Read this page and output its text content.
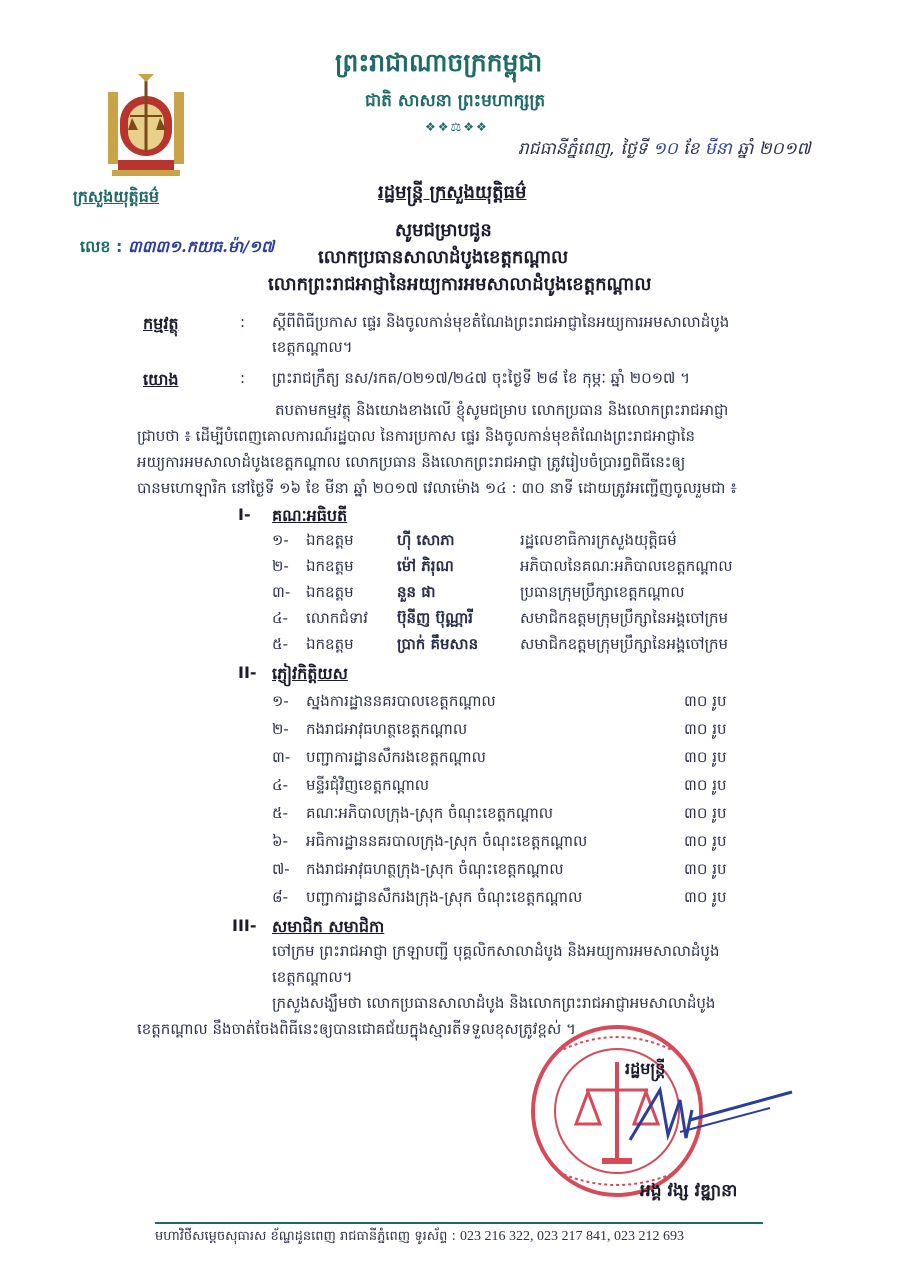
ព្រះរាជាណាចក្រកម្ពុជា
ជាតិ សាសនា ព្រះមហាក្សត្រ
❖❖⚖❖❖
រាជធានីភ្នំពេញ, ថ្ងៃទី ១០ ខែ មីនា ឆ្នាំ ២០១៧
ក្រសួងយុត្តិធម៌	រដ្ឋមន្ត្រី ក្រសួងយុត្តិធម៌
លេខ : ៣៣៣១.កយធ.ម៉ា/១៧
សូមជម្រាបជូន
លោកប្រធានសាលាដំបូងខេត្តកណ្តាល
លោកព្រះរាជអាជ្ញានៃអយ្យការអមសាលាដំបូងខេត្តកណ្តាល
កម្មវត្ថុ	: ស្តីពីពិធីប្រកាស ផ្ទេរ និងចូលកាន់មុខតំណែងព្រះរាជអាជ្ញានៃអយ្យការអមសាលាដំបូង
ខេត្តកណ្តាល។
យោង	: ព្រះរាជក្រឹត្យ នស/រកត/០២១៧/២៤៧ ចុះថ្ងៃទី ២៨ ខែ កុម្ភៈ ឆ្នាំ ២០១៧ ។
តបតាមកម្មវត្ថុ និងយោងខាងលើ ខ្ញុំសូមជម្រាប លោកប្រធាន និងលោកព្រះរាជអាជ្ញា
ជ្រាបថា ៖ ដើម្បីបំពេញគោលការណ៍រដ្ឋបាល នៃការប្រកាស ផ្ទេរ និងចូលកាន់មុខតំណែងព្រះរាជអាជ្ញានៃ
អយ្យការអមសាលាដំបូងខេត្តកណ្តាល លោកប្រធាន និងលោកព្រះរាជអាជ្ញា ត្រូវរៀបចំប្រារព្ធពិធីនេះឲ្យ
បានមហោឡារិក នៅថ្ងៃទី ១៦ ខែ មីនា ឆ្នាំ ២០១៧ វេលាម៉ោង ១៤ : ៣០ នាទី ដោយត្រូវអញ្ជើញចូលរួមជា ៖
I- គណៈអធិបតី
១- ឯកឧត្តម	ហ៊ី សោភា	រដ្ឋលេខាធិការក្រសួងយុត្តិធម៌
២- ឯកឧត្តម	ម៉ៅ ភិរុណ	អភិបាលនៃគណៈអភិបាលខេត្តកណ្តាល
៣- ឯកឧត្តម	នួន ផា	ប្រធានក្រុមប្រឹក្សាខេត្តកណ្តាល
៤- លោកជំទាវ ប៊ុនីញ ប៊ុណ្ណារី	សមាជិកឧត្តមក្រុមប្រឹក្សានៃអង្គចៅក្រម
៥- ឯកឧត្តម	ប្រាក់ គឹមសាន	សមាជិកឧត្តមក្រុមប្រឹក្សានៃអង្គចៅក្រម
II- ភ្ញៀវកិត្តិយស
១- ស្នងការដ្ឋាននគរបាលខេត្តកណ្តាល	៣០ រូប
២- កងរាជអាវុធហត្ថខេត្តកណ្តាល	៣០ រូប
៣- បញ្ជាការដ្ឋានសឹករងខេត្តកណ្តាល	៣០ រូប
៤- មន្ទីរជុំវិញខេត្តកណ្តាល	៣០ រូប
៥- គណៈអភិបាលក្រុង-ស្រុក ចំណុះខេត្តកណ្តាល	៣០ រូប
៦- អធិការដ្ឋាននគរបាលក្រុង-ស្រុក ចំណុះខេត្តកណ្តាល	៣០ រូប
៧- កងរាជអាវុធហត្ថក្រុង-ស្រុក ចំណុះខេត្តកណ្តាល	៣០ រូប
៨- បញ្ជាការដ្ឋានសឹករងក្រុង-ស្រុក ចំណុះខេត្តកណ្តាល	៣០ រូប
III- សមាជិក សមាជិកា
ចៅក្រម ព្រះរាជអាជ្ញា ក្រឡាបញ្ជី បុគ្គលិកសាលាដំបូង និងអយ្យការអមសាលាដំបូង
ខេត្តកណ្តាល។
ក្រសួងសង្ឃឹមថា លោកប្រធានសាលាដំបូង និងលោកព្រះរាជអាជ្ញាអមសាលាដំបូង
ខេត្តកណ្តាល នឹងចាត់ចែងពិធីនេះឲ្យបានជោគជ័យក្នុងស្មារតីទទួលខុសត្រូវខ្ពស់ ។
រដ្ឋមន្ត្រី
អង្គ វង្ស វឌ្ឍានា
មហាវិថីសម្តេចសុធារស ខ័ណ្ឌដូនពេញ រាជធានីភ្នំពេញ ទូរស័ព្ទ : 023 216 322, 023 217 841, 023 212 693
